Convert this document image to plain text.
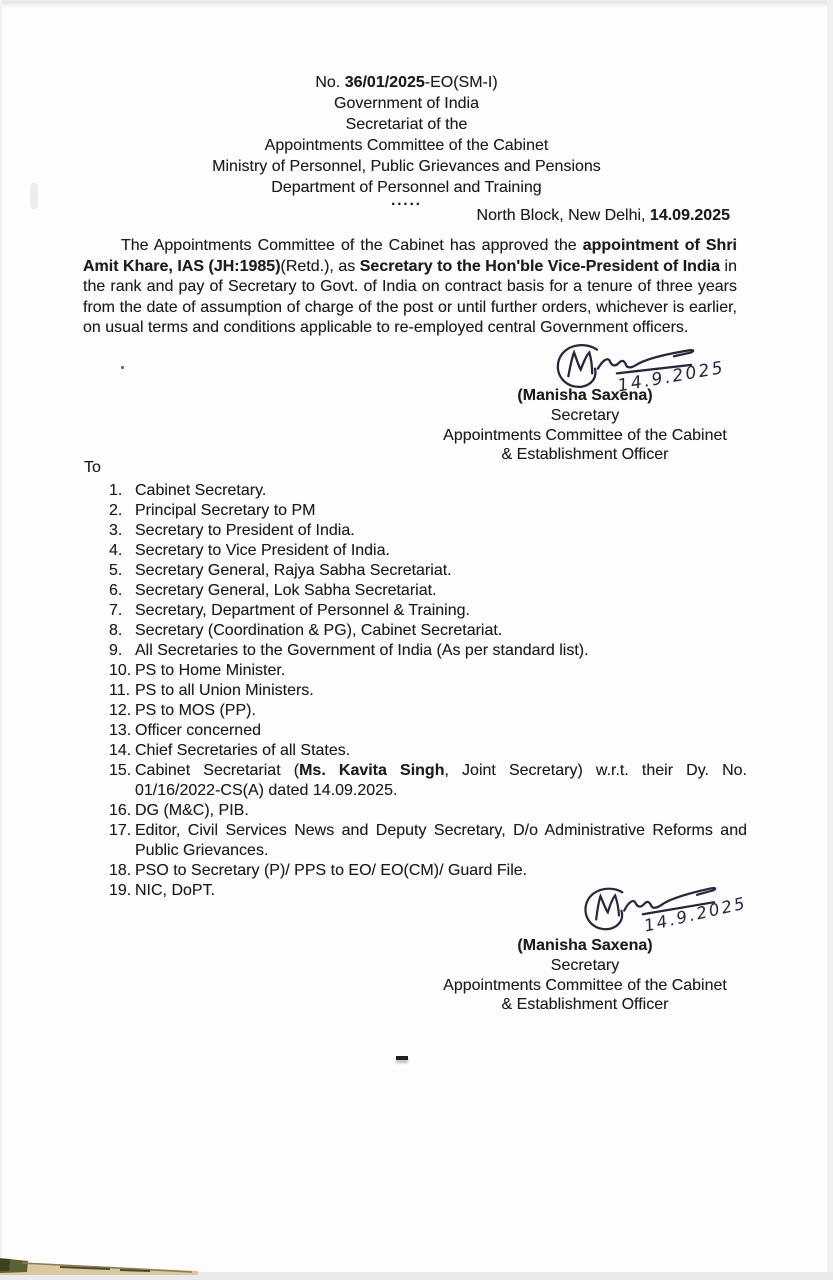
No. 36/01/2025-EO(SM-I)
Government of India
Secretariat of the
Appointments Committee of the Cabinet
Ministry of Personnel, Public Grievances and Pensions
Department of Personnel and Training
.....
North Block, New Delhi, 14.09.2025
The Appointments Committee of the Cabinet has approved the appointment of Shri Amit Khare, IAS (JH:1985)(Retd.), as Secretary to the Hon'ble Vice-President of India in the rank and pay of Secretary to Govt. of India on contract basis for a tenure of three years from the date of assumption of charge of the post or until further orders, whichever is earlier, on usual terms and conditions applicable to re-employed central Government officers.
14.9.2025
(Manisha Saxena)
Secretary
Appointments Committee of the Cabinet
& Establishment Officer
To
1. Cabinet Secretary.
2. Principal Secretary to PM
3. Secretary to President of India.
4. Secretary to Vice President of India.
5. Secretary General, Rajya Sabha Secretariat.
6. Secretary General, Lok Sabha Secretariat.
7. Secretary, Department of Personnel & Training.
8. Secretary (Coordination & PG), Cabinet Secretariat.
9. All Secretaries to the Government of India (As per standard list).
10. PS to Home Minister.
11. PS to all Union Ministers.
12. PS to MOS (PP).
13. Officer concerned
14. Chief Secretaries of all States.
15. Cabinet Secretariat (Ms. Kavita Singh, Joint Secretary) w.r.t. their Dy. No. 01/16/2022-CS(A) dated 14.09.2025.
16. DG (M&C), PIB.
17. Editor, Civil Services News and Deputy Secretary, D/o Administrative Reforms and Public Grievances.
18. PSO to Secretary (P)/ PPS to EO/ EO(CM)/ Guard File.
19. NIC, DoPT.
14.9.2025
(Manisha Saxena)
Secretary
Appointments Committee of the Cabinet
& Establishment Officer
